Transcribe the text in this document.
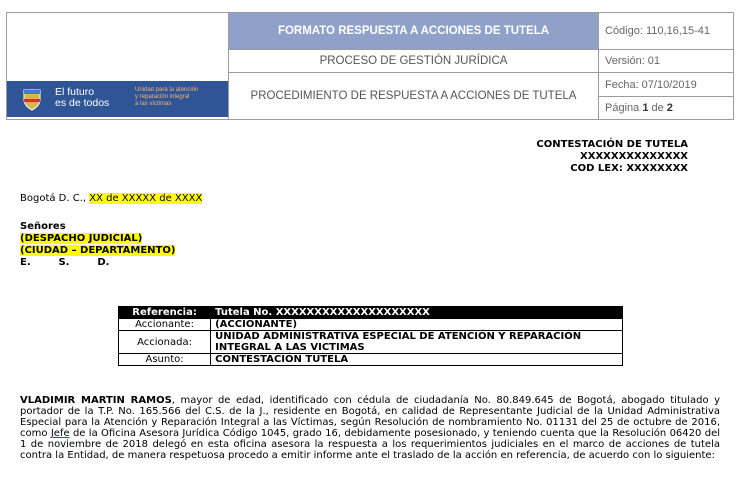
El futuro
es de todos
Unidad para la atención
y reparación integral
a las víctimas	FORMATO RESPUESTA A ACCIONES DE TUTELA	Código: 110,16,15-41
	PROCESO DE GESTIÓN JURÍDICA	Versión: 01
	PROCEDIMIENTO DE RESPUESTA A ACCIONES DE TUTELA	Fecha: 07/10/2019
		Página 1 de 2
CONTESTACIÓN DE TUTELA
XXXXXXXXXXXXXX
COD LEX: XXXXXXXX
Bogotá D. C., XX de XXXXX de XXXX
Señores
(DESPACHO JUDICIAL)
(CIUDAD – DEPARTAMENTO)
E.        S.        D.
Referencia:	Tutela No. XXXXXXXXXXXXXXXXXXXX
Accionante:	(ACCIONANTE)
Accionada:	UNIDAD ADMINISTRATIVA ESPECIAL DE ATENCIÓN Y REPARACIÓN INTEGRAL A LAS VICTIMAS
Asunto:	CONTESTACIÓN TUTELA
VLADIMIR MARTIN RAMOS, mayor de edad, identificado con cédula de ciudadanía No. 80.849.645 de Bogotá, abogado titulado y portador de la T.P. No. 165.566 del C.S. de la J., residente en Bogotá, en calidad de Representante Judicial de la Unidad Administrativa Especial para la Atención y Reparación Integral a las Víctimas, según Resolución de nombramiento No. 01131 del 25 de octubre de 2016, como Jefe de la Oficina Asesora Jurídica Código 1045, grado 16, debidamente posesionado, y teniendo cuenta que la Resolución 06420 del 1 de noviembre de 2018 delegó en esta oficina asesora la respuesta a los requerimientos judiciales en el marco de acciones de tutela contra la Entidad, de manera respetuosa procedo a emitir informe ante el traslado de la acción en referencia, de acuerdo con lo siguiente:
